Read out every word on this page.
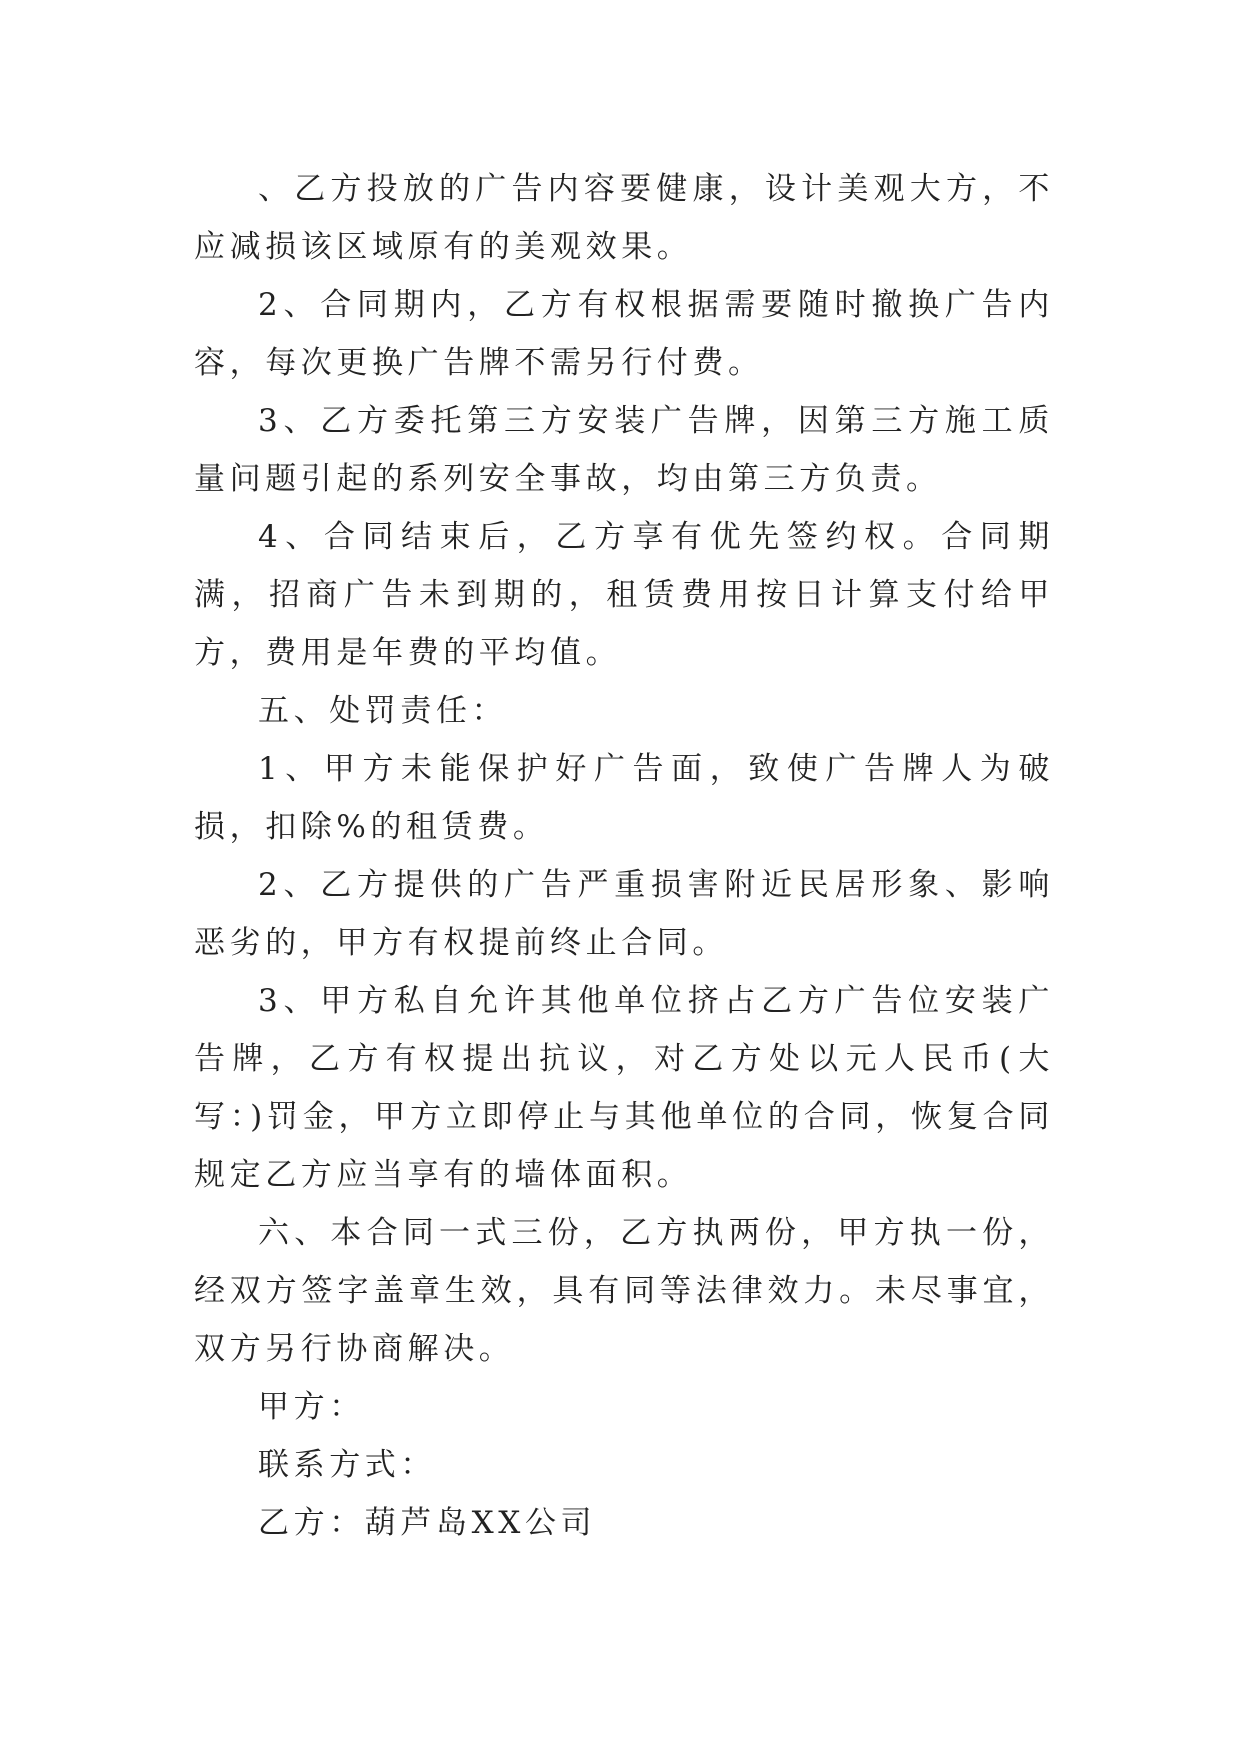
、乙方投放的广告内容要健康，设计美观大方，不应减损该区域原有的美观效果。

2、合同期内，乙方有权根据需要随时撤换广告内容，每次更换广告牌不需另行付费。

3、乙方委托第三方安装广告牌，因第三方施工质量问题引起的系列安全事故，均由第三方负责。

4、合同结束后，乙方享有优先签约权。合同期满，招商广告未到期的，租赁费用按日计算支付给甲方，费用是年费的平均值。

五、处罚责任：

1、甲方未能保护好广告面，致使广告牌人为破损，扣除%的租赁费。

2、乙方提供的广告严重损害附近民居形象、影响恶劣的，甲方有权提前终止合同。

3、甲方私自允许其他单位挤占乙方广告位安装广告牌，乙方有权提出抗议，对乙方处以元人民币(大写：)罚金，甲方立即停止与其他单位的合同，恢复合同规定乙方应当享有的墙体面积。

六、本合同一式三份，乙方执两份，甲方执一份，经双方签字盖章生效，具有同等法律效力。未尽事宜，双方另行协商解决。

甲方：

联系方式：

乙方：葫芦岛XX公司
